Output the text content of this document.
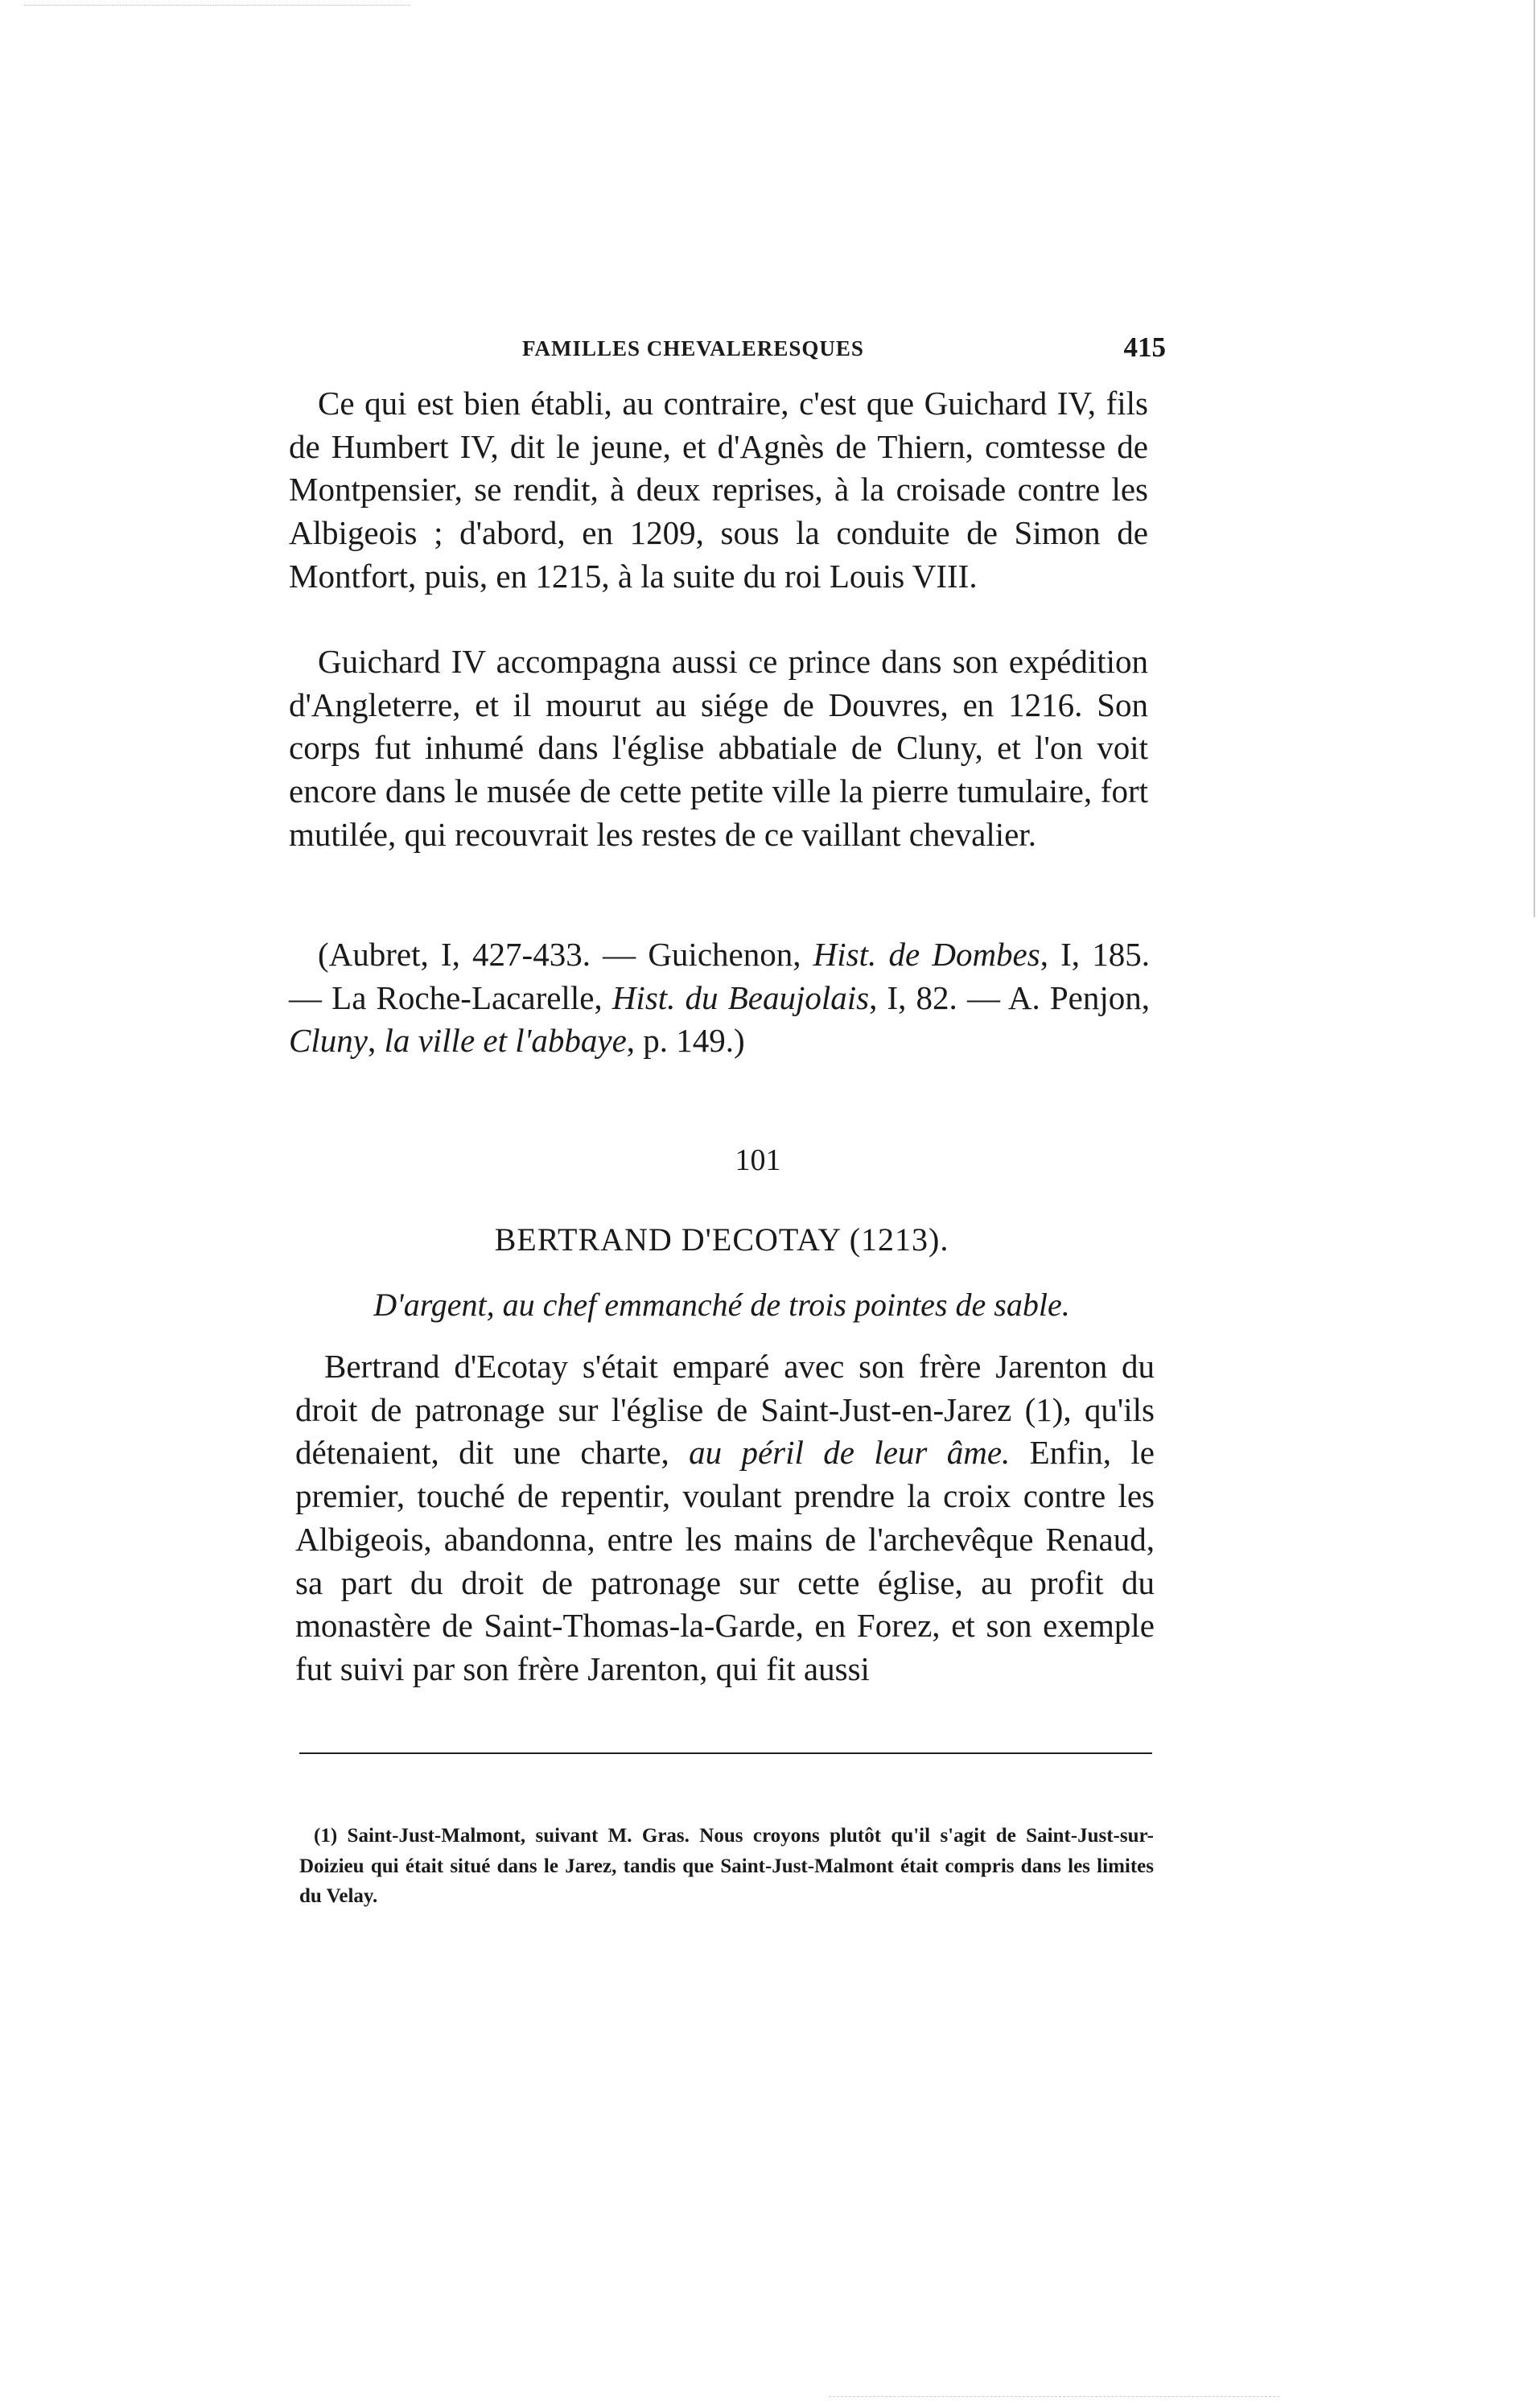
FAMILLES CHEVALERESQUES	415

Ce qui est bien établi, au contraire, c'est que Guichard IV, fils de Humbert IV, dit le jeune, et d'Agnès de Thiern, comtesse de Montpensier, se rendit, à deux reprises, à la croisade contre les Albigeois ; d'abord, en 1209, sous la conduite de Simon de Montfort, puis, en 1215, à la suite du roi Louis VIII.

Guichard IV accompagna aussi ce prince dans son expédition d'Angleterre, et il mourut au siége de Douvres, en 1216. Son corps fut inhumé dans l'église abbatiale de Cluny, et l'on voit encore dans le musée de cette petite ville la pierre tumulaire, fort mutilée, qui recouvrait les restes de ce vaillant chevalier.

(Aubret, I, 427-433. — Guichenon, Hist. de Dombes, I, 185. — La Roche-Lacarelle, Hist. du Beaujolais, I, 82. — A. Penjon, Cluny, la ville et l'abbaye, p. 149.)

101
BERTRAND D'ECOTAY (1213).
D'argent, au chef emmanché de trois pointes de sable.

Bertrand d'Ecotay s'était emparé avec son frère Jarenton du droit de patronage sur l'église de Saint-Just-en-Jarez (1), qu'ils détenaient, dit une charte, au péril de leur âme. Enfin, le premier, touché de repentir, voulant prendre la croix contre les Albigeois, abandonna, entre les mains de l'archevêque Renaud, sa part du droit de patronage sur cette église, au profit du monastère de Saint-Thomas-la-Garde, en Forez, et son exemple fut suivi par son frère Jarenton, qui fit aussi

(1) Saint-Just-Malmont, suivant M. Gras. Nous croyons plutôt qu'il s'agit de Saint-Just-sur-Doizieu qui était situé dans le Jarez, tandis que Saint-Just-Malmont était compris dans les limites du Velay.
